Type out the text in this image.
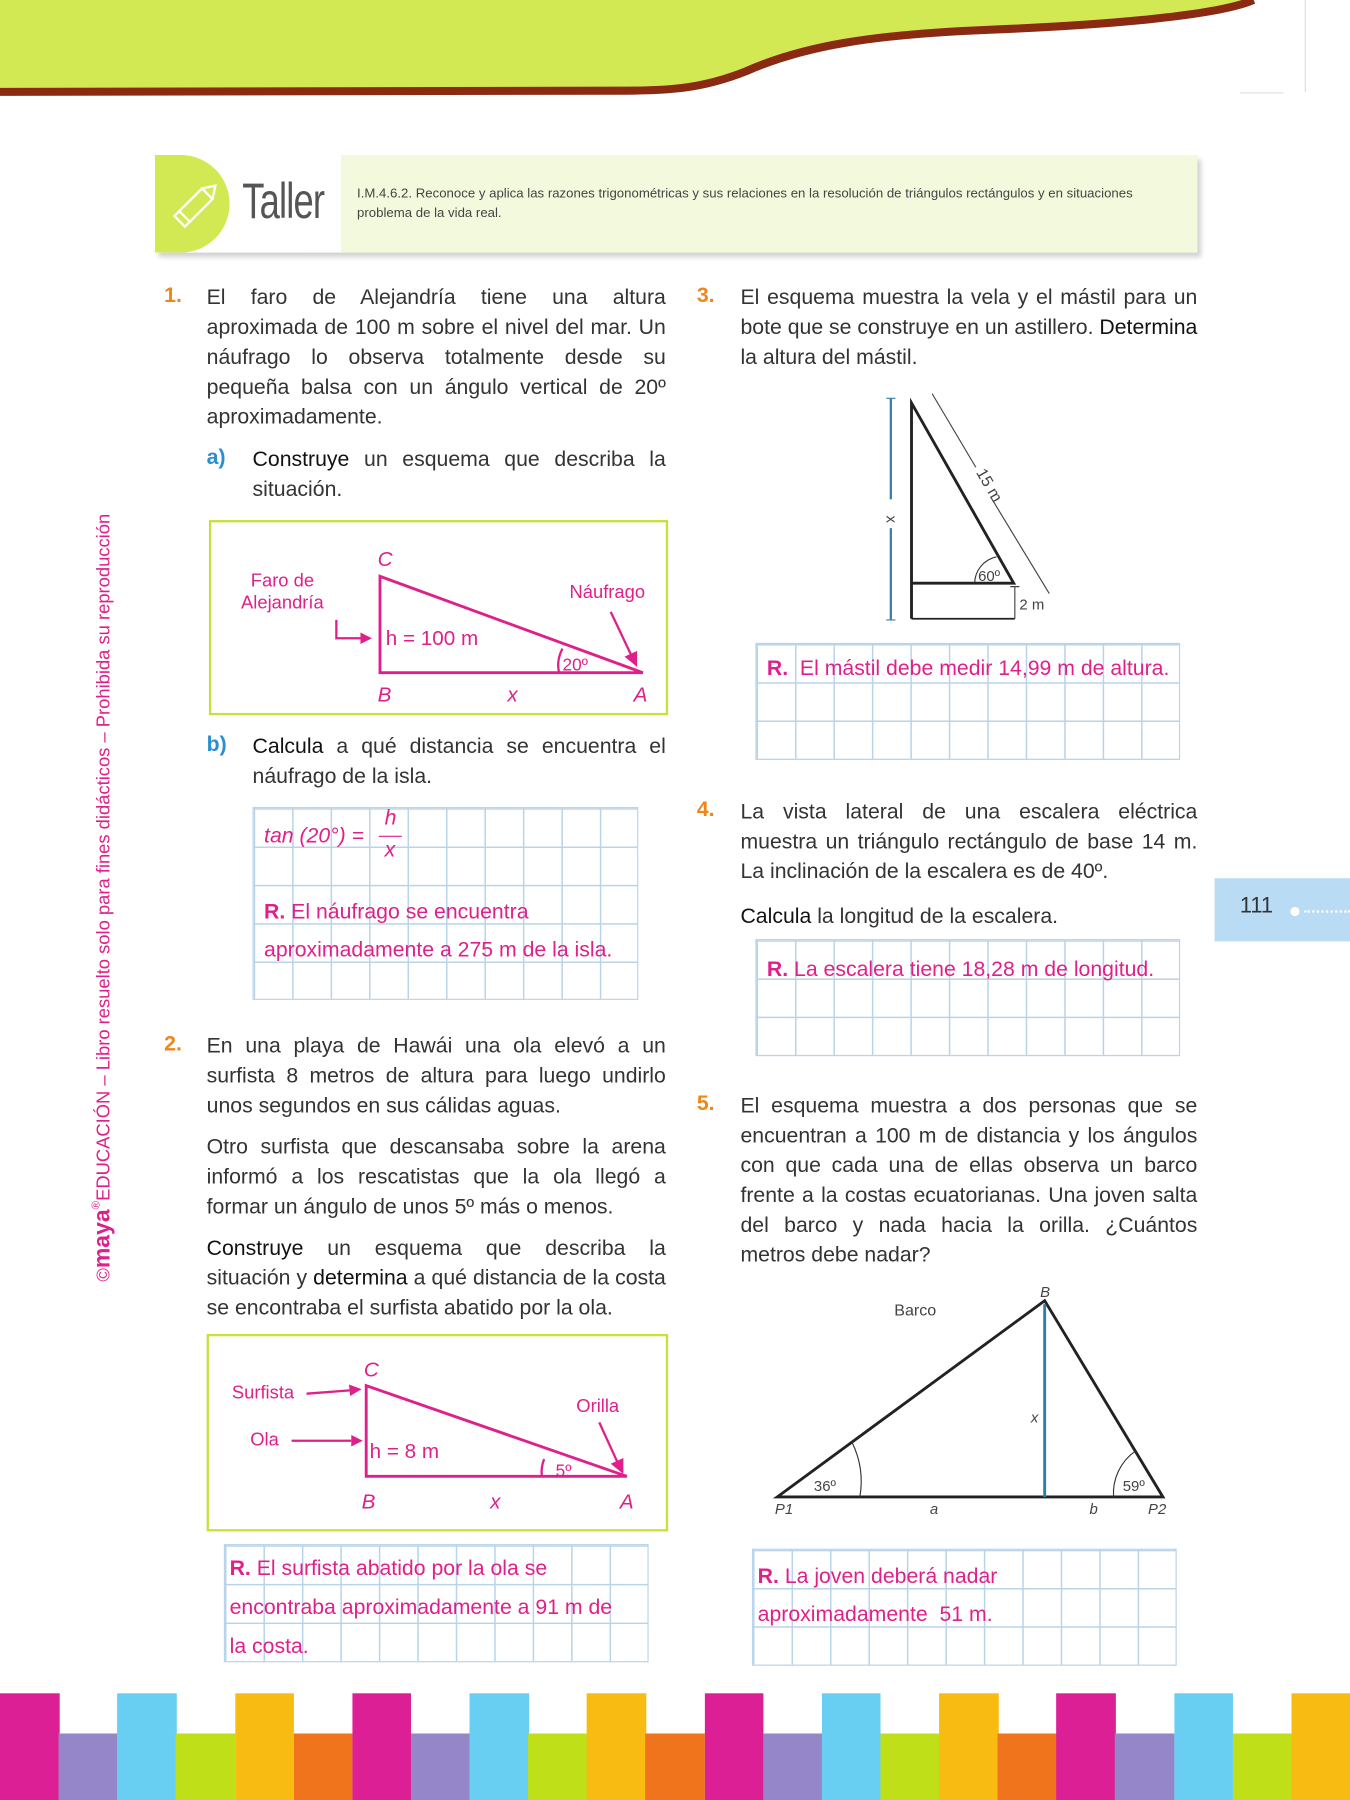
Taller	I.M.4.6.2. Reconoce y aplica las razones trigonométricas y sus relaciones en la resolución de triángulos rectángulos y en situaciones problema de la vida real.
©maya®EDUCACIÓN – Libro resuelto solo para fines didácticos – Prohibida su reproducción	111
1. El faro de Alejandría tiene una altura aproximada de 100 m sobre el nivel del mar. Un náufrago lo observa totalmente desde su pequeña balsa con un ángulo vertical de 20º aproximadamente.
a) Construye un esquema que describa la situación.
C
B	A
x
h = 100 m
20º
Faro de
Alejandría	Náufrago
b) Calcula a qué distancia se encuentra el náufrago de la isla.
tan (20°) =
h
x
R. El náufrago se encuentra
aproximadamente a 275 m de la isla.
2. En una playa de Hawái una ola elevó a un surfista 8 metros de altura para luego undirlo unos segundos en sus cálidas aguas.
Otro surfista que descansaba sobre la arena informó a los rescatistas que la ola llegó a formar un ángulo de unos 5º más o menos.
Construye un esquema que describa la situación y determina a qué distancia de la costa se encontraba el surfista abatido por la ola.
C
B	A
x
h = 8 m
5º
Surfista
Ola
Orilla
R. El surfista abatido por la ola se
encontraba aproximadamente a 91 m de
la costa.
3. El esquema muestra la vela y el mástil para un bote que se construye en un astillero. Determina la altura del mástil.
x
15 m
60º
2 m
R. El mástil debe medir 14,99 m de altura.
4. La vista lateral de una escalera eléctrica muestra un triángulo rectángulo de base 14 m. La inclinación de la escalera es de 40º.
Calcula la longitud de la escalera.
R. La escalera tiene 18,28 m de longitud.
5. El esquema muestra a dos personas que se encuentran a 100 m de distancia y los ángulos con que cada una de ellas observa un barco frente a la costas ecuatorianas. Una joven salta del barco y nada hacia la orilla. ¿Cuántos metros debe nadar?
B
Barco
x
36º	59º
P1	P2
a	b
R. La joven deberá nadar
aproximadamente  51 m.
